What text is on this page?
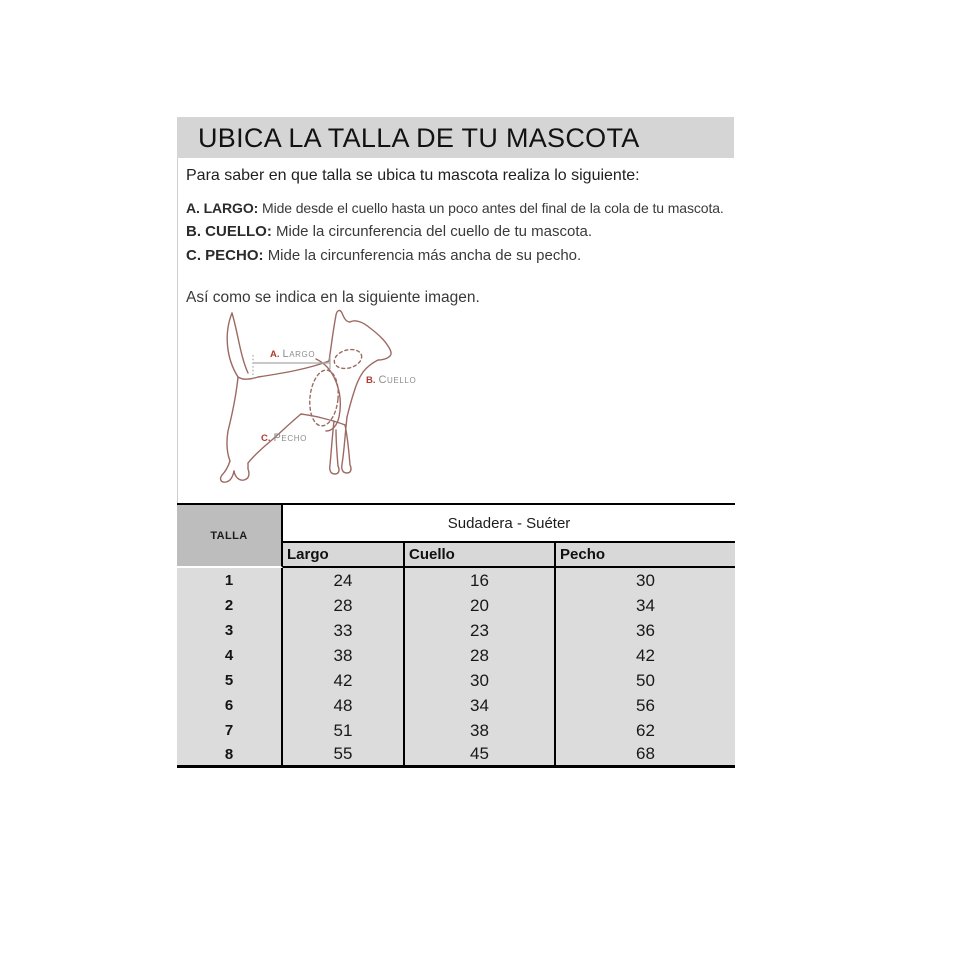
UBICA LA TALLA DE TU MASCOTA

Para saber en que talla se ubica tu mascota realiza lo siguiente:

A. LARGO: Mide desde el cuello hasta un poco antes del final de la cola de tu mascota.
B. CUELLO: Mide la circunferencia del cuello de tu mascota.
C. PECHO: Mide la circunferencia más ancha de su pecho.

Así como se indica en la siguiente imagen.

A. Largo
B. Cuello
C. Pecho
TALLA	Sudadera - Suéter		
	Largo	Cuello	Pecho
1	24	16	30
2	28	20	34
3	33	23	36
4	38	28	42
5	42	30	50
6	48	34	56
7	51	38	62
8	55	45	68
